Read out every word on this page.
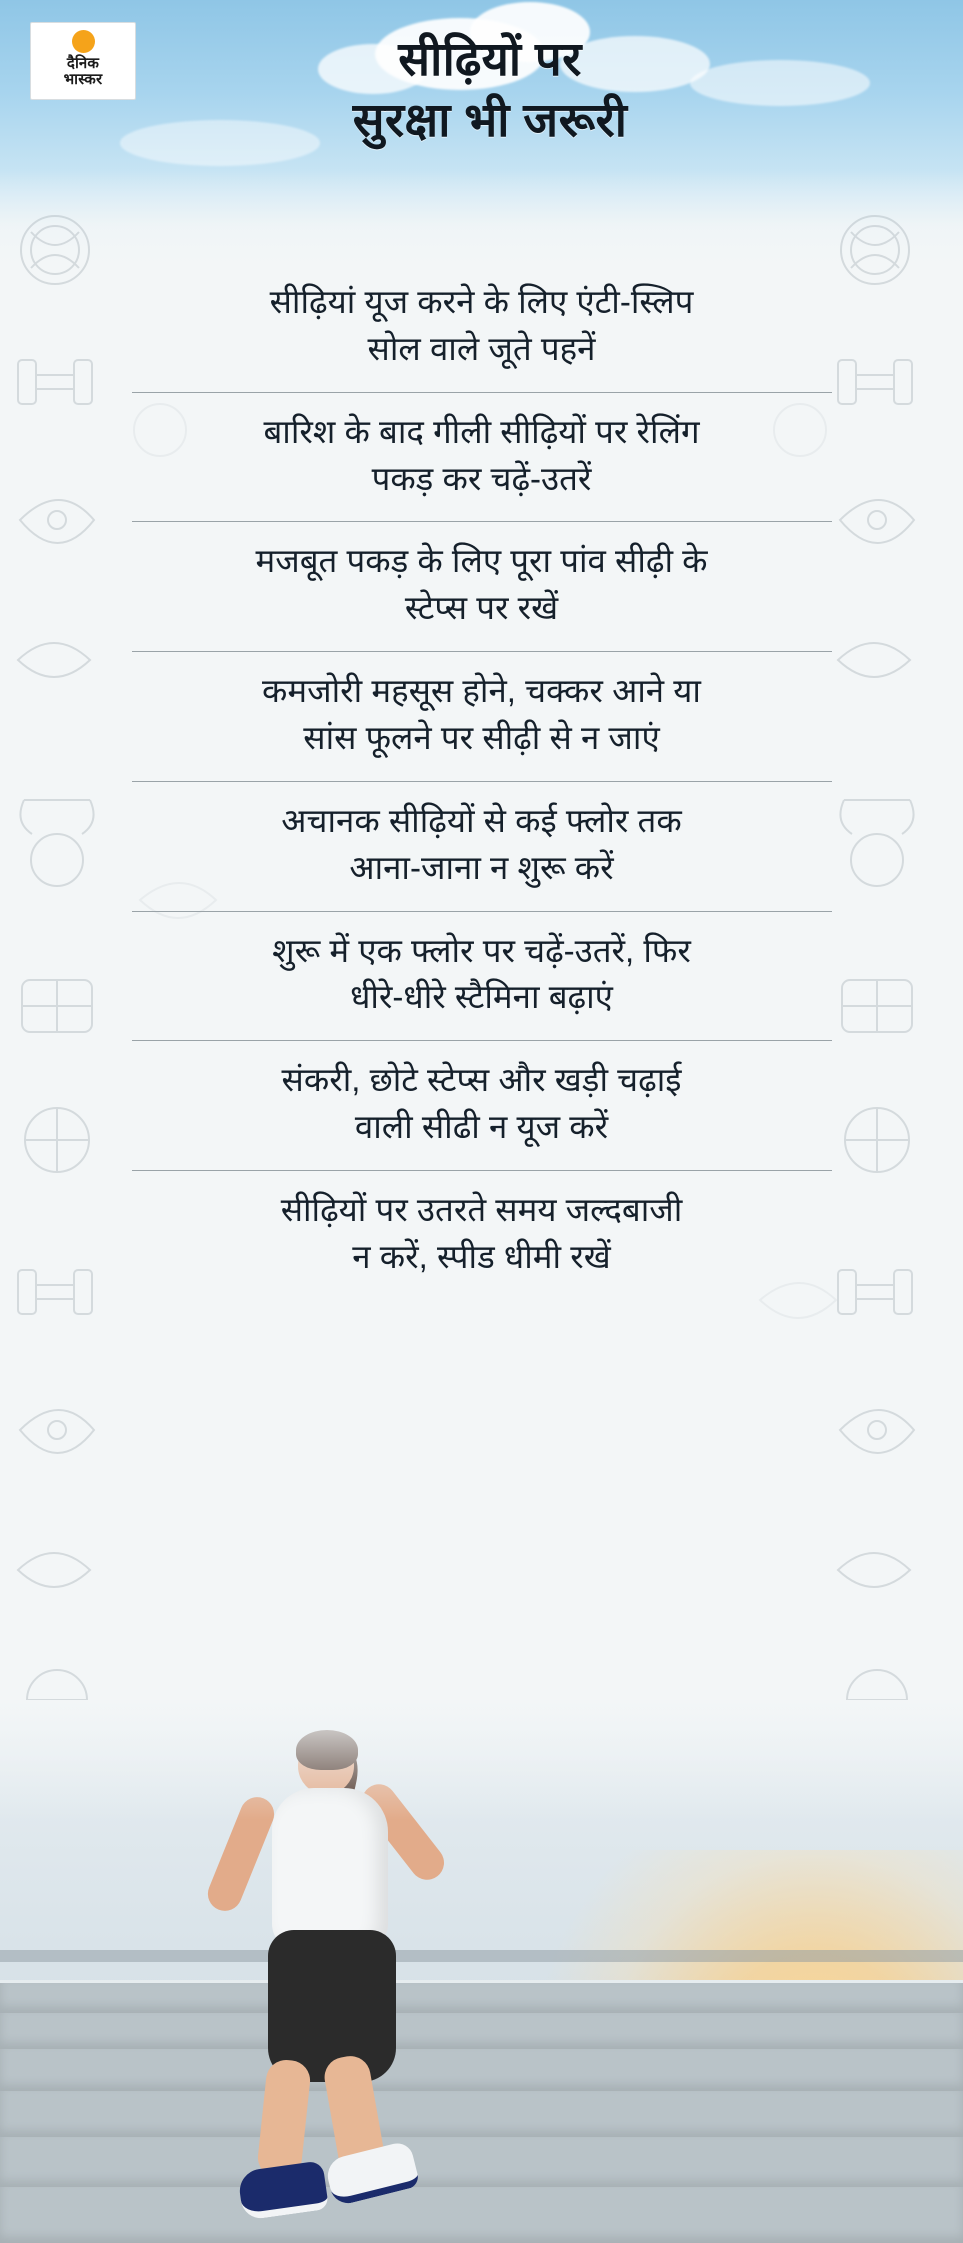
दैनिक
भास्कर	सीढ़ियों पर
सुरक्षा भी जरूरी
सीढ़ियां यूज करने के लिए एंटी-स्लिप
सोल वाले जूते पहनें
बारिश के बाद गीली सीढ़ियों पर रेलिंग
पकड़ कर चढ़ें-उतरें
मजबूत पकड़ के लिए पूरा पांव सीढ़ी के
स्टेप्स पर रखें
कमजोरी महसूस होने, चक्कर आने या
सांस फूलने पर सीढ़ी से न जाएं
अचानक सीढ़ियों से कई फ्लोर तक
आना-जाना न शुरू करें
शुरू में एक फ्लोर पर चढ़ें-उतरें, फिर
धीरे-धीरे स्टैमिना बढ़ाएं
संकरी, छोटे स्टेप्स और खड़ी चढ़ाई
वाली सीढी न यूज करें
सीढ़ियों पर उतरते समय जल्दबाजी
न करें, स्पीड धीमी रखें
